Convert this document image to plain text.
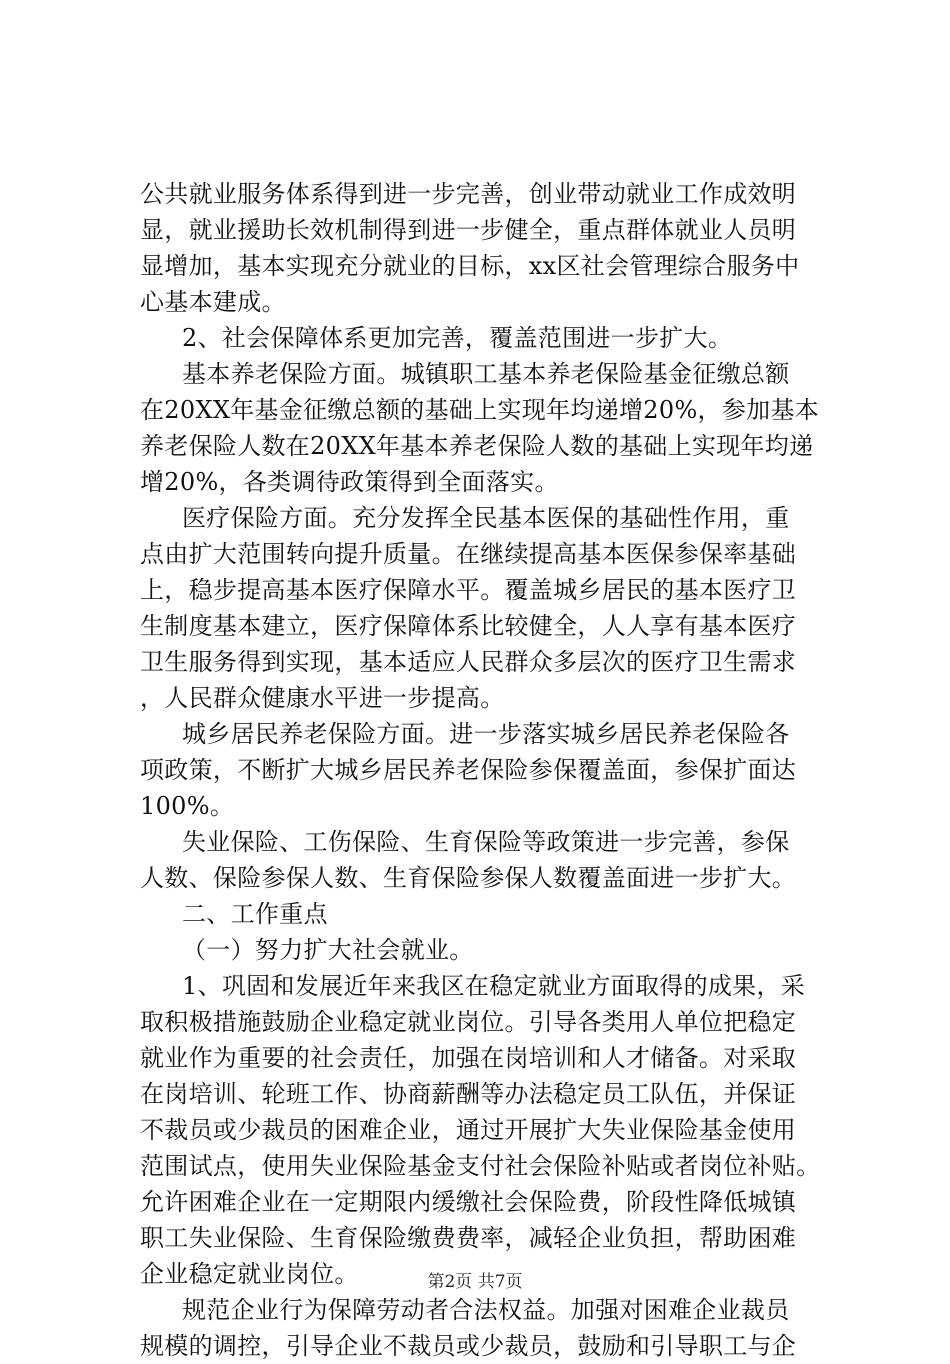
公共就业服务体系得到进一步完善，创业带动就业工作成效明
显，就业援助长效机制得到进一步健全，重点群体就业人员明
显增加，基本实现充分就业的目标，xx区社会管理综合服务中
心基本建成。
2、社会保障体系更加完善，覆盖范围进一步扩大。
基本养老保险方面。城镇职工基本养老保险基金征缴总额
在20XX年基金征缴总额的基础上实现年均递增20%，参加基本
养老保险人数在20XX年基本养老保险人数的基础上实现年均递
增20%，各类调待政策得到全面落实。
医疗保险方面。充分发挥全民基本医保的基础性作用，重
点由扩大范围转向提升质量。在继续提高基本医保参保率基础
上，稳步提高基本医疗保障水平。覆盖城乡居民的基本医疗卫
生制度基本建立，医疗保障体系比较健全，人人享有基本医疗
卫生服务得到实现，基本适应人民群众多层次的医疗卫生需求
，人民群众健康水平进一步提高。
城乡居民养老保险方面。进一步落实城乡居民养老保险各
项政策，不断扩大城乡居民养老保险参保覆盖面，参保扩面达
100%。
失业保险、工伤保险、生育保险等政策进一步完善，参保
人数、保险参保人数、生育保险参保人数覆盖面进一步扩大。
二、工作重点
（一）努力扩大社会就业。
1、巩固和发展近年来我区在稳定就业方面取得的成果，采
取积极措施鼓励企业稳定就业岗位。引导各类用人单位把稳定
就业作为重要的社会责任，加强在岗培训和人才储备。对采取
在岗培训、轮班工作、协商薪酬等办法稳定员工队伍，并保证
不裁员或少裁员的困难企业，通过开展扩大失业保险基金使用
范围试点，使用失业保险基金支付社会保险补贴或者岗位补贴。
允许困难企业在一定期限内缓缴社会保险费，阶段性降低城镇
职工失业保险、生育保险缴费费率，减轻企业负担，帮助困难
企业稳定就业岗位。
规范企业行为保障劳动者合法权益。加强对困难企业裁员
规模的调控，引导企业不裁员或少裁员，鼓励和引导职工与企
第2页 共7页
